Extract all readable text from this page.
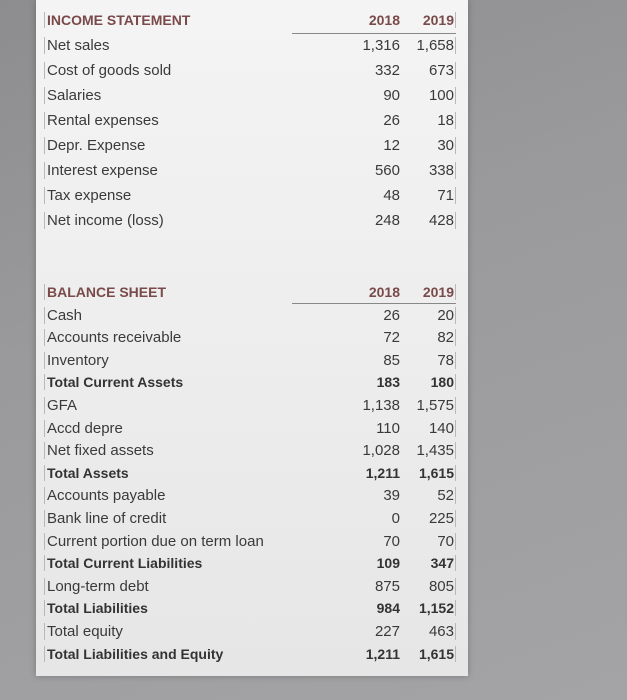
INCOME STATEMENT	2018	2019
Net sales	1,316	1,658
Cost of goods sold	332	673
Salaries	90	100
Rental expenses	26	18
Depr. Expense	12	30
Interest expense	560	338
Tax expense	48	71
Net income (loss)	248	428
BALANCE SHEET	2018	2019
Cash	26	20
Accounts receivable	72	82
Inventory	85	78
Total Current Assets	183	180
GFA	1,138	1,575
Accd depre	110	140
Net fixed assets	1,028	1,435
Total Assets	1,211	1,615
Accounts payable	39	52
Bank line of credit	0	225
Current portion due on term loan	70	70
Total Current Liabilities	109	347
Long-term debt	875	805
Total Liabilities	984	1,152
Total equity	227	463
Total Liabilities and Equity	1,211	1,615
